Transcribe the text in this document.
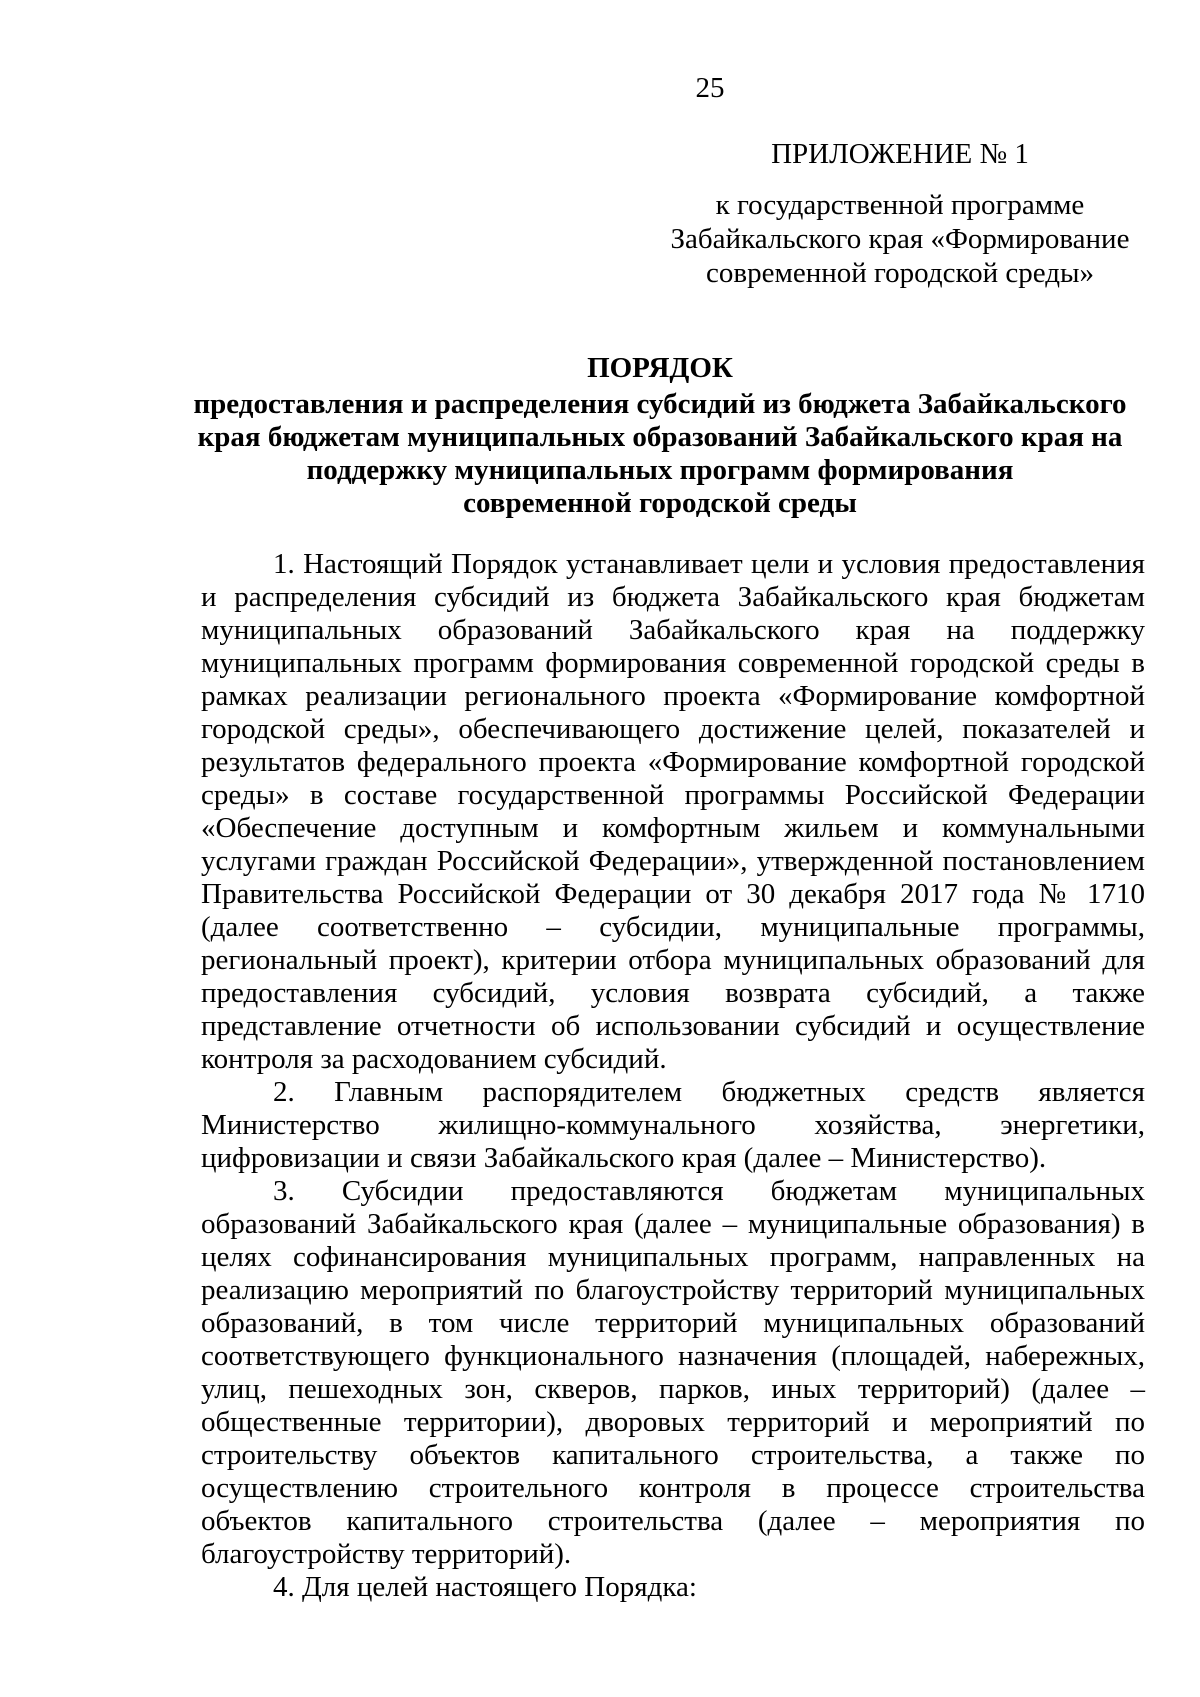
25
ПРИЛОЖЕНИЕ № 1
к государственной программе
Забайкальского края «Формирование
современной городской среды»
ПОРЯДОК
предоставления и распределения субсидий из бюджета Забайкальского
края бюджетам муниципальных образований Забайкальского края на
поддержку муниципальных программ формирования
современной городской среды

1. Настоящий Порядок устанавливает цели и условия предоставления и распределения субсидий из бюджета Забайкальского края бюджетам муниципальных образований Забайкальского края на поддержку муниципальных программ формирования современной городской среды в рамках реализации регионального проекта «Формирование комфортной городской среды», обеспечивающего достижение целей, показателей и результатов федерального проекта «Формирование комфортной городской среды» в составе государственной программы Российской Федерации «Обеспечение доступным и комфортным жильем и коммунальными услугами граждан Российской Федерации», утвержденной постановлением Правительства Российской Федерации от 30 декабря 2017 года № 1710 (далее соответственно – субсидии, муниципальные программы, региональный проект), критерии отбора муниципальных образований для предоставления субсидий, условия возврата субсидий, а также представление отчетности об использовании субсидий и осуществление контроля за расходованием субсидий.

2. Главным распорядителем бюджетных средств является Министерство жилищно-коммунального хозяйства, энергетики, цифровизации и связи Забайкальского края (далее – Министерство).

3. Субсидии предоставляются бюджетам муниципальных образований Забайкальского края (далее – муниципальные образования) в целях софинансирования муниципальных программ, направленных на реализацию мероприятий по благоустройству территорий муниципальных образований, в том числе территорий муниципальных образований соответствующего функционального назначения (площадей, набережных, улиц, пешеходных зон, скверов, парков, иных территорий) (далее – общественные территории), дворовых территорий и мероприятий по строительству объектов капитального строительства, а также по осуществлению строительного контроля в процессе строительства объектов капитального строительства (далее – мероприятия по благоустройству территорий).

4. Для целей настоящего Порядка:
